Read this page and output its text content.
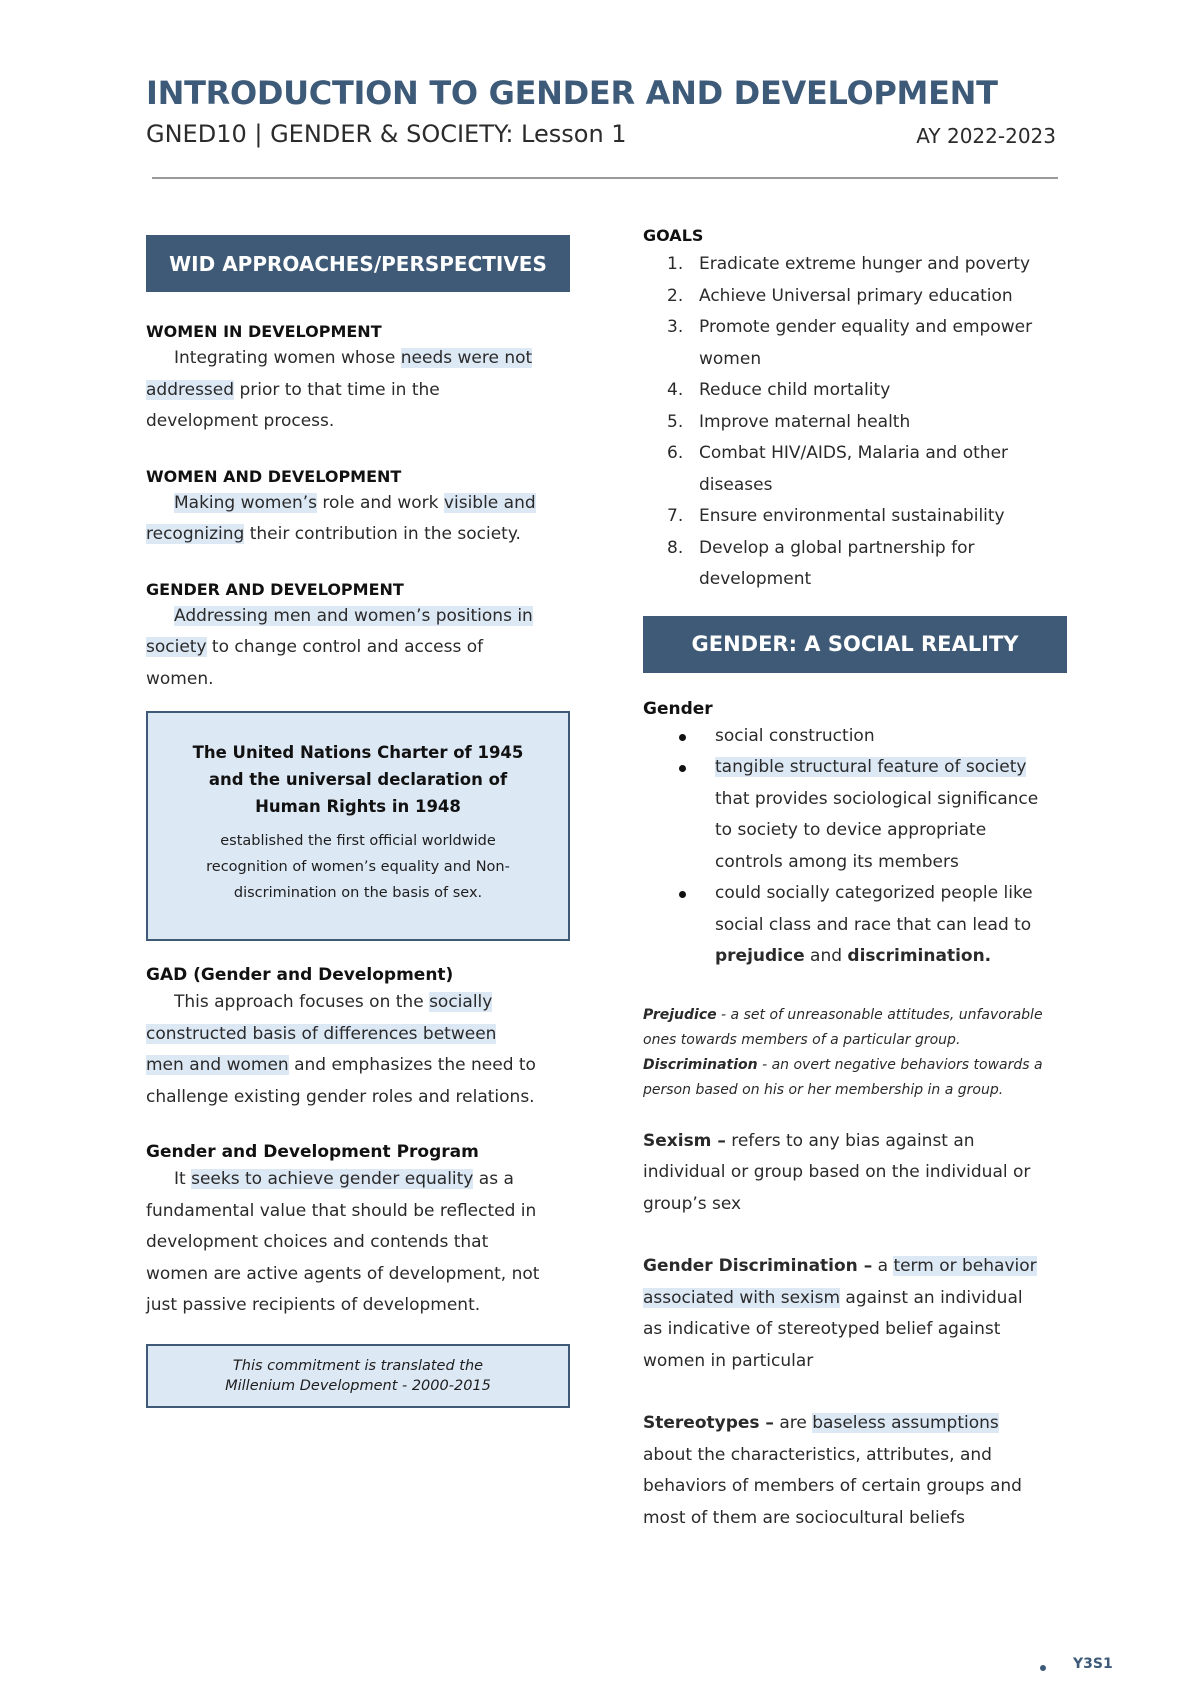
INTRODUCTION TO GENDER AND DEVELOPMENT
GNED10 | GENDER & SOCIETY: Lesson 1	AY 2022-2023
WID APPROACHES/PERSPECTIVES
WOMEN IN DEVELOPMENT
Integrating women whose needs were not
addressed prior to that time in the
development process.
WOMEN AND DEVELOPMENT
Making women’s role and work visible and
recognizing their contribution in the society.
GENDER AND DEVELOPMENT
Addressing men and women’s positions in
society to change control and access of
women.
The United Nations Charter of 1945 and the universal declaration of Human Rights in 1948
established the first official worldwide recognition of women’s equality and Non-discrimination on the basis of sex.
GAD (Gender and Development)
This approach focuses on the socially
constructed basis of differences between
men and women and emphasizes the need to
challenge existing gender roles and relations.
Gender and Development Program
It seeks to achieve gender equality as a
fundamental value that should be reflected in
development choices and contends that
women are active agents of development, not
just passive recipients of development.
This commitment is translated the
Millenium Development - 2000-2015
GOALS
1. Eradicate extreme hunger and poverty
2. Achieve Universal primary education
3. Promote gender equality and empower
women
4. Reduce child mortality
5. Improve maternal health
6. Combat HIV/AIDS, Malaria and other
diseases
7. Ensure environmental sustainability
8. Develop a global partnership for
development
GENDER: A SOCIAL REALITY
Gender
social construction
tangible structural feature of society
that provides sociological significance
to society to device appropriate
controls among its members
could socially categorized people like
social class and race that can lead to
prejudice and discrimination.
Prejudice - a set of unreasonable attitudes, unfavorable
ones towards members of a particular group.
Discrimination - an overt negative behaviors towards a
person based on his or her membership in a group.
Sexism – refers to any bias against an
individual or group based on the individual or
group’s sex
Gender Discrimination – a term or behavior
associated with sexism against an individual
as indicative of stereotyped belief against
women in particular
Stereotypes – are baseless assumptions
about the characteristics, attributes, and
behaviors of members of certain groups and
most of them are sociocultural beliefs
Y3S1
